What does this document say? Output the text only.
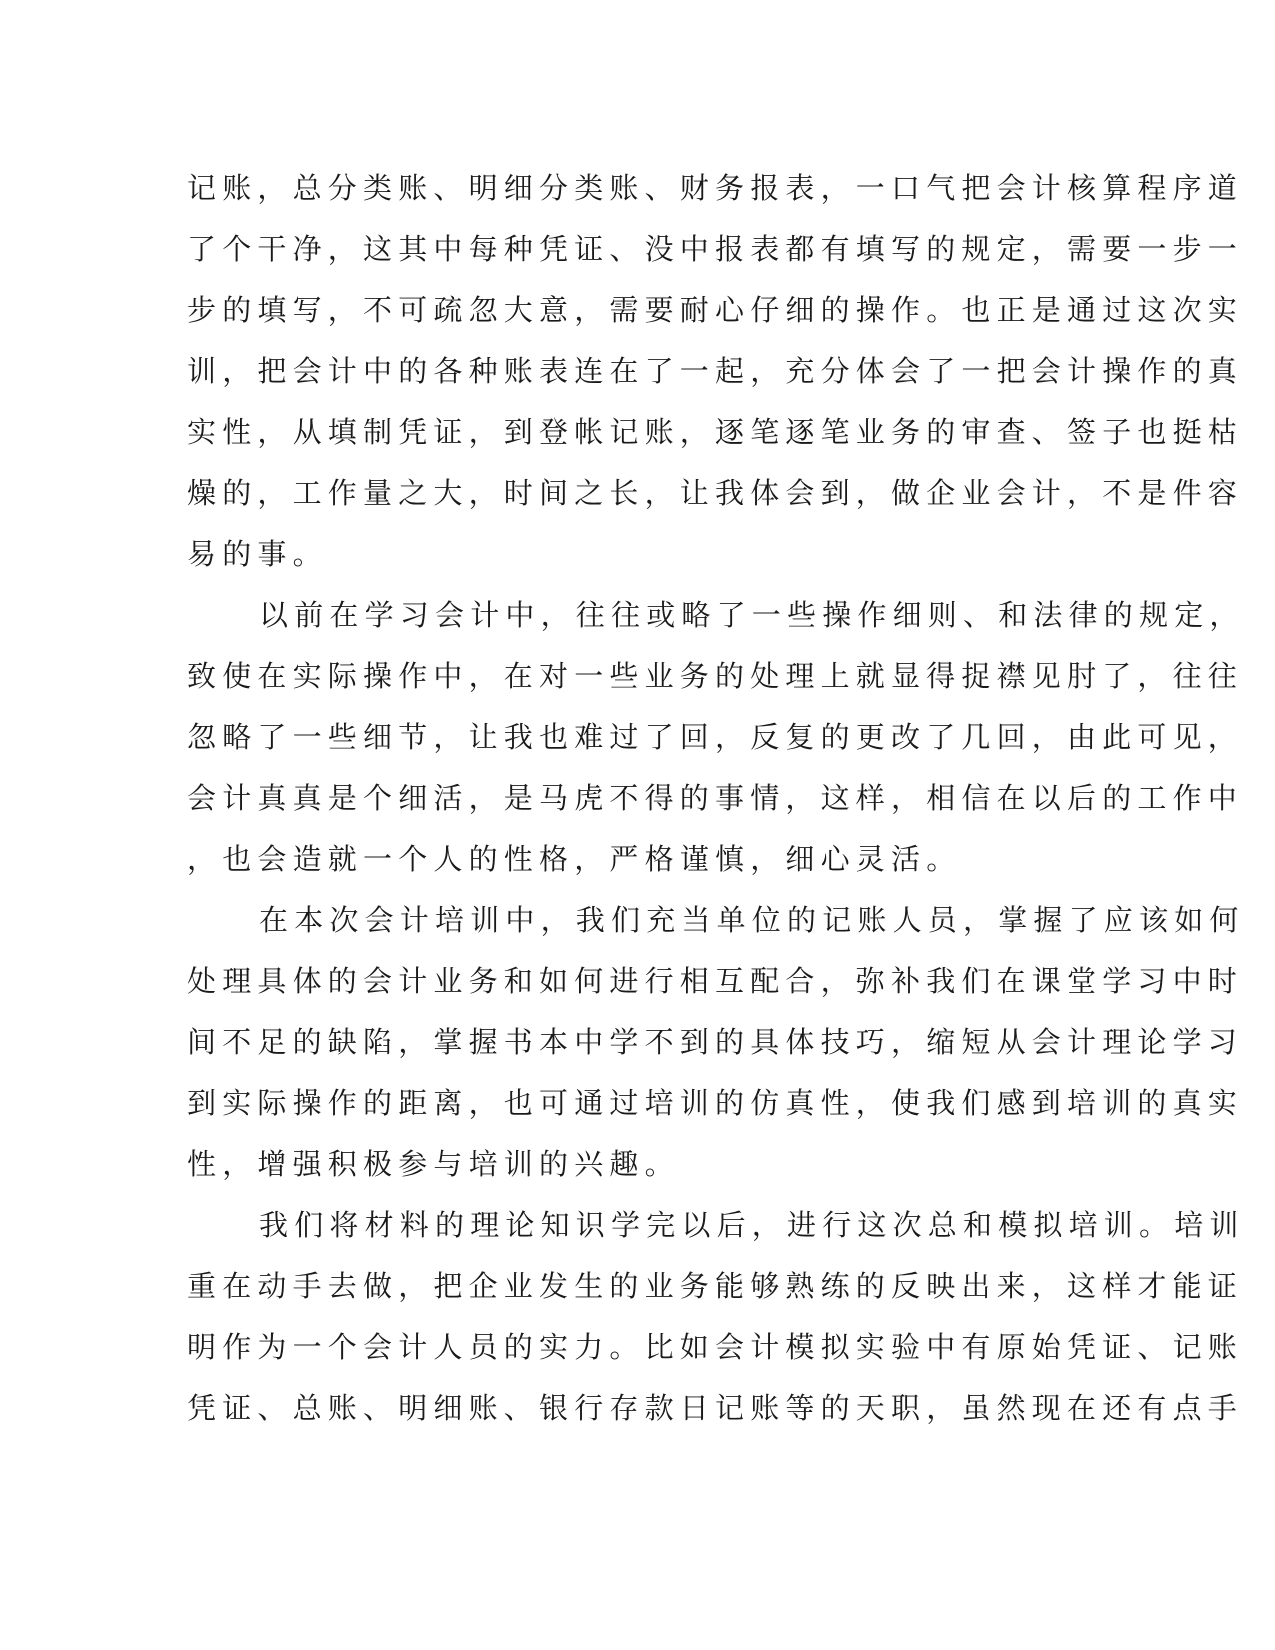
记账，总分类账、明细分类账、财务报表，一口气把会计核算程序道
了个干净，这其中每种凭证、没中报表都有填写的规定，需要一步一
步的填写，不可疏忽大意，需要耐心仔细的操作。也正是通过这次实
训，把会计中的各种账表连在了一起，充分体会了一把会计操作的真
实性，从填制凭证，到登帐记账，逐笔逐笔业务的审查、签子也挺枯
燥的，工作量之大，时间之长，让我体会到，做企业会计，不是件容
易的事。
以前在学习会计中，往往或略了一些操作细则、和法律的规定，
致使在实际操作中，在对一些业务的处理上就显得捉襟见肘了，往往
忽略了一些细节，让我也难过了回，反复的更改了几回，由此可见，
会计真真是个细活，是马虎不得的事情，这样，相信在以后的工作中
，也会造就一个人的性格，严格谨慎，细心灵活。
在本次会计培训中，我们充当单位的记账人员，掌握了应该如何
处理具体的会计业务和如何进行相互配合，弥补我们在课堂学习中时
间不足的缺陷，掌握书本中学不到的具体技巧，缩短从会计理论学习
到实际操作的距离，也可通过培训的仿真性，使我们感到培训的真实
性，增强积极参与培训的兴趣。
我们将材料的理论知识学完以后，进行这次总和模拟培训。培训
重在动手去做，把企业发生的业务能够熟练的反映出来，这样才能证
明作为一个会计人员的实力。比如会计模拟实验中有原始凭证、记账
凭证、总账、明细账、银行存款日记账等的天职，虽然现在还有点手
